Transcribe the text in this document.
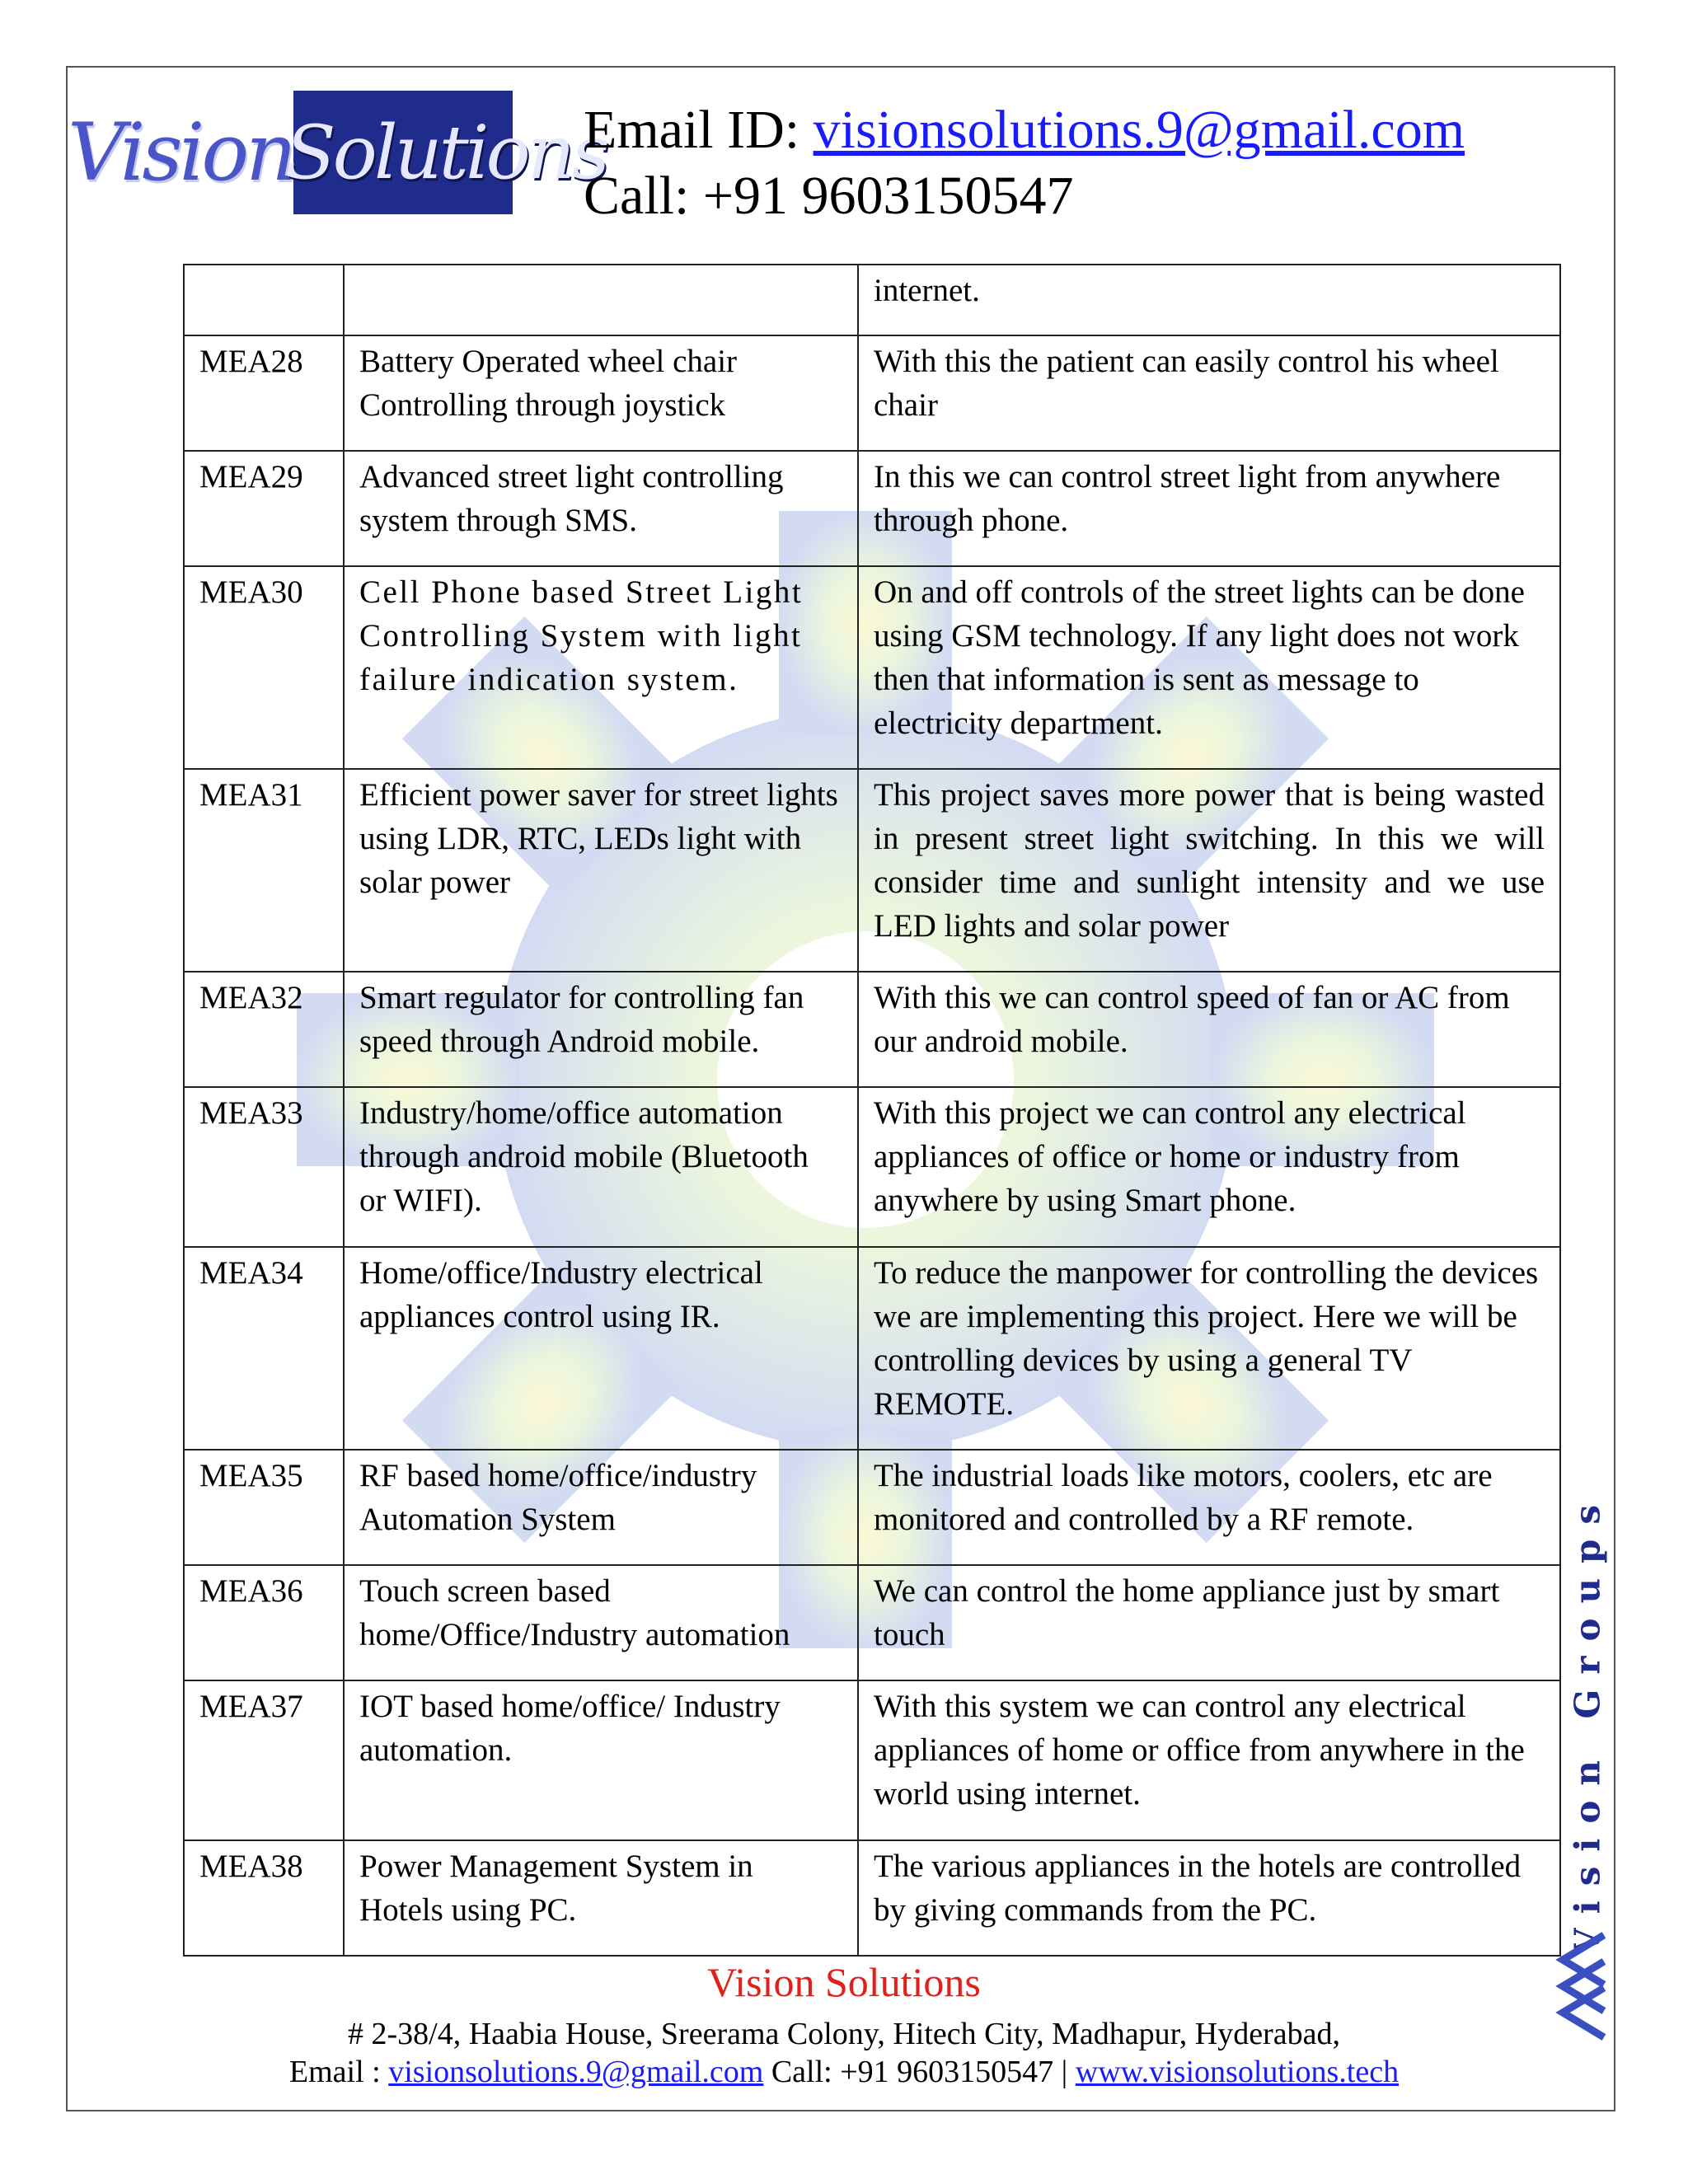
Vision
Solutions
Email ID: visionsolutions.9@gmail.com
Call: +91 9603150547
		internet.
MEA28	Battery Operated wheel chair Controlling through joystick	With this the patient can easily control his wheel chair
MEA29	Advanced street light controlling system through SMS.	In this we can control street light from anywhere through phone.
MEA30	Cell Phone based Street Light Controlling System with light failure indication system.	On and off controls of the street lights can be done using GSM technology. If any light does not work then that information is sent as message to electricity department.
MEA31	Efficient power saver for street lights using LDR, RTC, LEDs light with solar power	This project saves more power that is being wasted in present street light switching. In this we will consider time and sunlight intensity and we use LED lights and solar power
MEA32	Smart regulator for controlling fan speed through Android mobile.	With this we can control speed of fan or AC from our android mobile.
MEA33	Industry/home/office automation through android mobile (Bluetooth or WIFI).	With this project we can control any electrical appliances of office or home or industry from anywhere by using Smart phone.
MEA34	Home/office/Industry electrical appliances control using IR.	To reduce the manpower for controlling the devices we are implementing this project. Here we will be controlling devices by using a general TV REMOTE.
MEA35	RF based home/office/industry Automation System	The industrial loads like motors, coolers, etc are monitored and controlled by a RF remote.
MEA36	Touch screen based home/Office/Industry automation	We can control the home appliance just by smart touch
MEA37	IOT based home/office/ Industry automation.	With this system we can control any electrical appliances of home or office from anywhere in the world using internet.
MEA38	Power Management System in Hotels using PC.	The various appliances in the hotels are controlled by giving commands from the PC.	Vision Groups
Vision Solutions
# 2-38/4, Haabia House, Sreerama Colony, Hitech City, Madhapur, Hyderabad,
Email : visionsolutions.9@gmail.com Call: +91 9603150547 | www.visionsolutions.tech
